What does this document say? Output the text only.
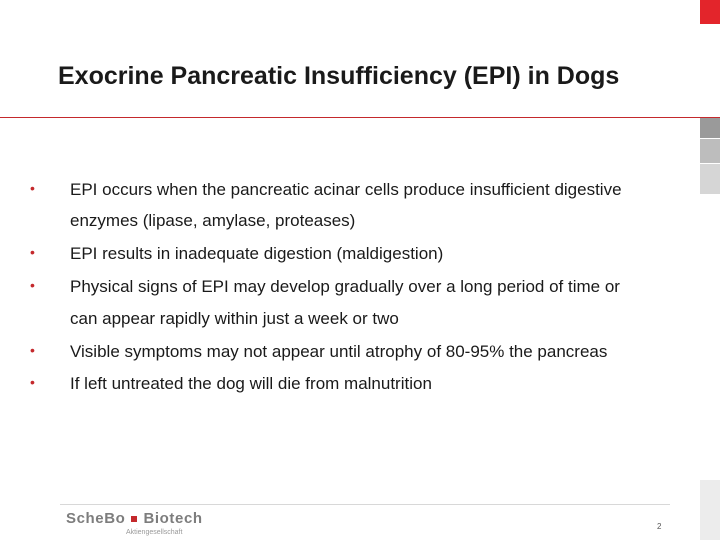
Exocrine Pancreatic Insufficiency (EPI) in Dogs
• EPI occurs when the pancreatic acinar cells produce insufficient digestive
enzymes (lipase, amylase, proteases)
• EPI results in inadequate digestion (maldigestion)
• Physical signs of EPI may develop gradually over a long period of time or
can appear rapidly within just a week or two
• Visible symptoms may not appear until atrophy of 80-95% the pancreas
• If left untreated the dog will die from malnutrition
ScheBo Biotech
Aktiengesellschaft
2
